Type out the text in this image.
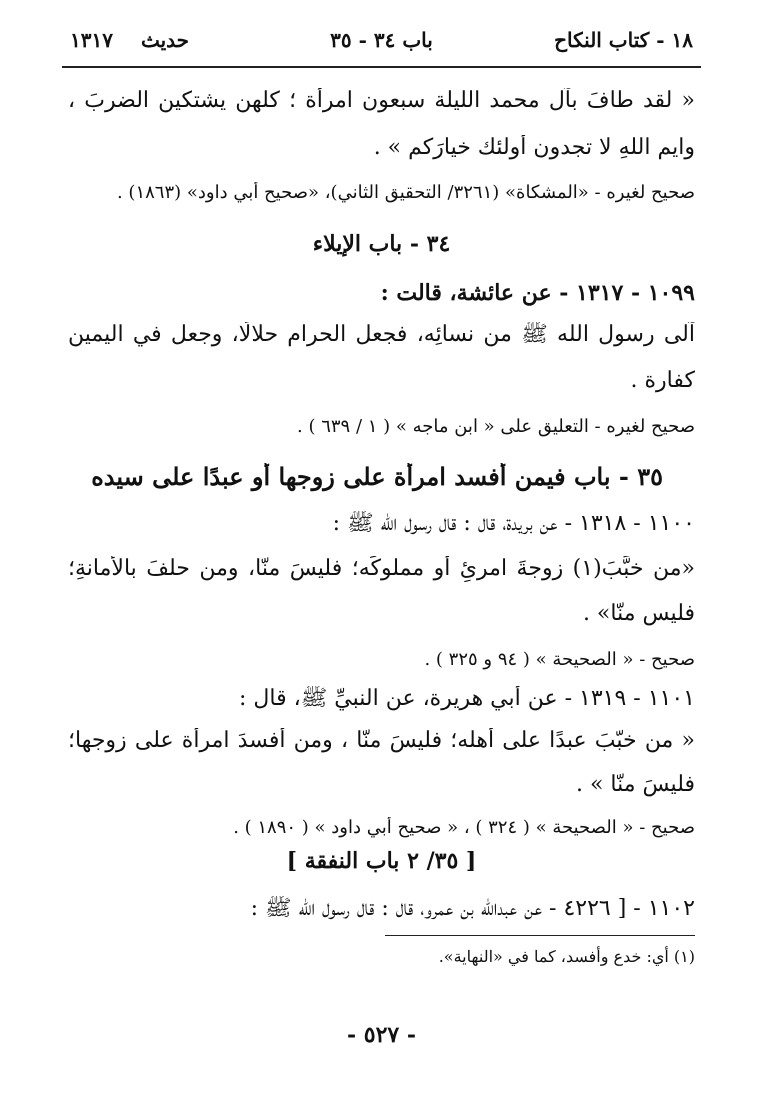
١٨ - كتاب النكاح
باب ٣٤ - ٣٥
حديث١٣١٧
« لقد طافَ بآل محمد الليلة سبعون امرأة ؛ كلهن يشتكين الضربَ ،
وايم اللهِ لا تجدون أُولئك خيارَكم » .
صحيح لغيره - «المشكاة» (٣٢٦١/ التحقيق الثاني)، «صحيح أبي داود» (١٨٦٣) .
٣٤ - باب الإيلاء
١٠٩٩ - ١٣١٧ - عن عائشة، قالت :
آلى رسول الله ﷺ من نسائِه، فجعل الحرام حلالًا، وجعل في اليمين
كفارة .
صحيح لغيره - التعليق على « ابن ماجه » ( ١ / ٦٣٩ ) .
٣٥ - باب فيمن أفسد امرأة على زوجها أو عبدًا على سيده
١١٠٠ - ١٣١٨ - عن بريدة، قال : قال رسول الله ﷺ :
«من خبَّبَ(١) زوجةَ امرئٍ أو مملوكَه؛ فليسَ منّا، ومن حلفَ بالأمانةِ؛
فليس منّا» .
صحيح - « الصحيحة » ( ٩٤ و ٣٢٥ ) .
١١٠١ - ١٣١٩ - عن أبي هريرة، عن النبيِّ ﷺ، قال :
« من خبّبَ عبدًا على أهله؛ فليسَ منّا ، ومن أفسدَ امرأة على زوجها؛
فليسَ منّا » .
صحيح - « الصحيحة » ( ٣٢٤ ) ، « صحيح أبي داود » ( ١٨٩٠ ) .
[ ٣٥/ ٢ باب النفقة ]
١١٠٢ - [ ٤٢٢٦ - عن عبدالله بن عمرو، قال : قال رسول الله ﷺ :
(١) أي: خدع وأفسد، كما في «النهاية».
- ٥٢٧ -
